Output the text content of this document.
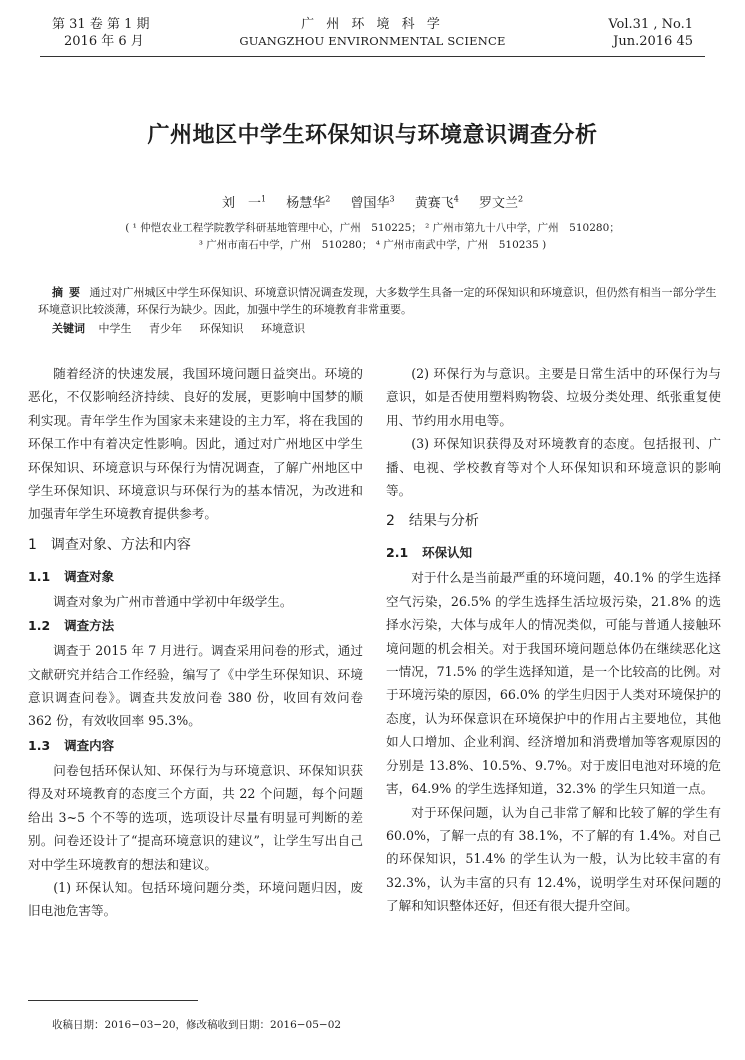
第 31 卷 第 1 期
2016 年 6 月
广 州 环 境 科 学
GUANGZHOU ENVIRONMENTAL SCIENCE
Vol.31 , No.1
Jun.2016 45
广州地区中学生环保知识与环境意识调查分析
刘　一$^1$ 杨慧华$^2$ 曾国华$^3$ 黄赛飞$^4$ 罗文兰$^2$
( ¹ 仲恺农业工程学院教学科研基地管理中心，广州　510225； ² 广州市第九十八中学，广州　510280；
³ 广州市南石中学，广州　510280； ⁴ 广州市南武中学，广州　510235 )
摘要 通过对广州城区中学生环保知识、环境意识情况调查发现，大多数学生具备一定的环保知识和环境意识，但仍然有相当一部分学生环境意识比较淡薄，环保行为缺少。因此，加强中学生的环境教育非常重要。
关键词 中学生 青少年 环保知识 环境意识

随着经济的快速发展，我国环境问题日益突出。环境的恶化，不仅影响经济持续、良好的发展，更影响中国梦的顺利实现。青年学生作为国家未来建设的主力军，将在我国的环保工作中有着决定性影响。因此，通过对广州地区中学生环保知识、环境意识与环保行为情况调查，了解广州地区中学生环保知识、环境意识与环保行为的基本情况，为改进和加强青年学生环境教育提供参考。

1 调查对象、方法和内容
1.1 调查对象

调查对象为广州市普通中学初中年级学生。

1.2 调查方法

调查于 2015 年 7 月进行。调查采用问卷的形式，通过文献研究并结合工作经验，编写了《中学生环保知识、环境意识调查问卷》。调查共发放问卷 380 份，收回有效问卷 362 份，有效收回率 95.3%。

1.3 调查内容

问卷包括环保认知、环保行为与环境意识、环保知识获得及对环境教育的态度三个方面，共 22 个问题，每个问题给出 3~5 个不等的选项，选项设计尽量有明显可判断的差别。问卷还设计了“提高环境意识的建议”，让学生写出自己对中学生环境教育的想法和建议。

(1) 环保认知。包括环境问题分类，环境问题归因，废旧电池危害等。

(2) 环保行为与意识。主要是日常生活中的环保行为与意识，如是否使用塑料购物袋、垃圾分类处理、纸张重复使用、节约用水用电等。

(3) 环保知识获得及对环境教育的态度。包括报刊、广播、电视、学校教育等对个人环保知识和环境意识的影响等。

2 结果与分析
2.1 环保认知

对于什么是当前最严重的环境问题，40.1% 的学生选择空气污染，26.5% 的学生选择生活垃圾污染，21.8% 的选择水污染，大体与成年人的情况类似，可能与普通人接触环境问题的机会相关。对于我国环境问题总体仍在继续恶化这一情况，71.5% 的学生选择知道，是一个比较高的比例。对于环境污染的原因，66.0% 的学生归因于人类对环境保护的态度，认为环保意识在环境保护中的作用占主要地位，其他如人口增加、企业利润、经济增加和消费增加等客观原因的分别是 13.8%、10.5%、9.7%。对于废旧电池对环境的危害，64.9% 的学生选择知道，32.3% 的学生只知道一点。

对于环保问题，认为自己非常了解和比较了解的学生有 60.0%，了解一点的有 38.1%，不了解的有 1.4%。对自己的环保知识，51.4% 的学生认为一般，认为比较丰富的有 32.3%，认为丰富的只有 12.4%，说明学生对环保问题的了解和知识整体还好，但还有很大提升空间。

收稿日期：2016−03−20，修改稿收到日期：2016−05−02
